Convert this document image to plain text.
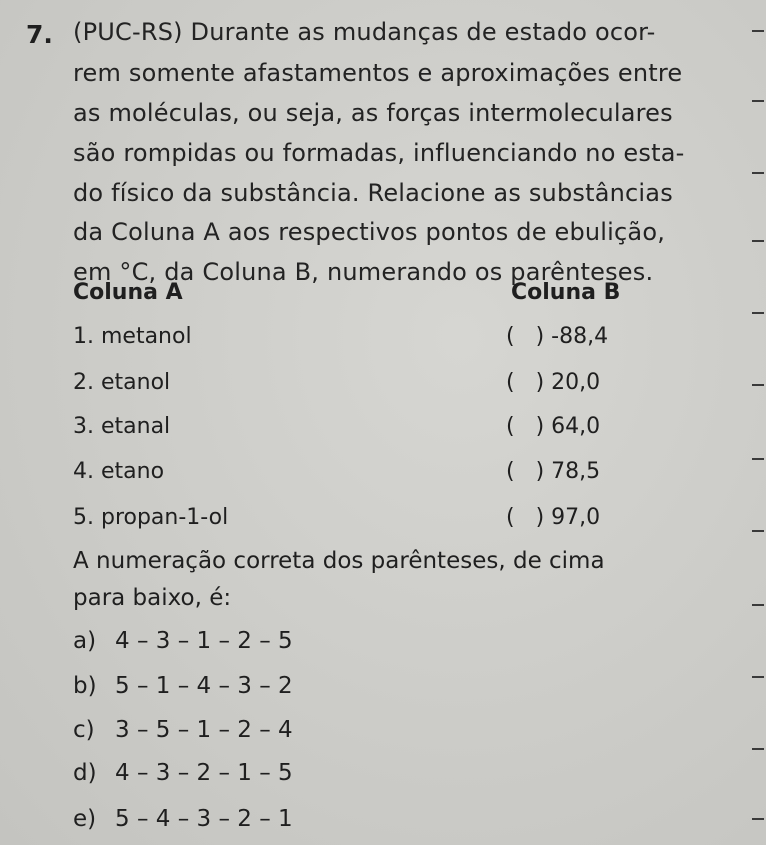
7. (PUC-RS) Durante as mudanças de estado ocor-
rem somente afastamentos e aproximações entre
as moléculas, ou seja, as forças intermoleculares
são rompidas ou formadas, influenciando no esta-
do físico da substância. Relacione as substâncias
da Coluna A aos respectivos pontos de ebulição,
em °C, da Coluna B, numerando os parênteses.
Coluna A	Coluna B
1. metanol
2. etanol
3. etanal
4. etano
5. propan-1-ol
(   ) -88,4
(   ) 20,0
(   ) 64,0
(   ) 78,5
(   ) 97,0
A numeração correta dos parênteses, de cima
para baixo, é:
a) 4 – 3 – 1 – 2 – 5
b) 5 – 1 – 4 – 3 – 2
c) 3 – 5 – 1 – 2 – 4
d) 4 – 3 – 2 – 1 – 5
e) 5 – 4 – 3 – 2 – 1
